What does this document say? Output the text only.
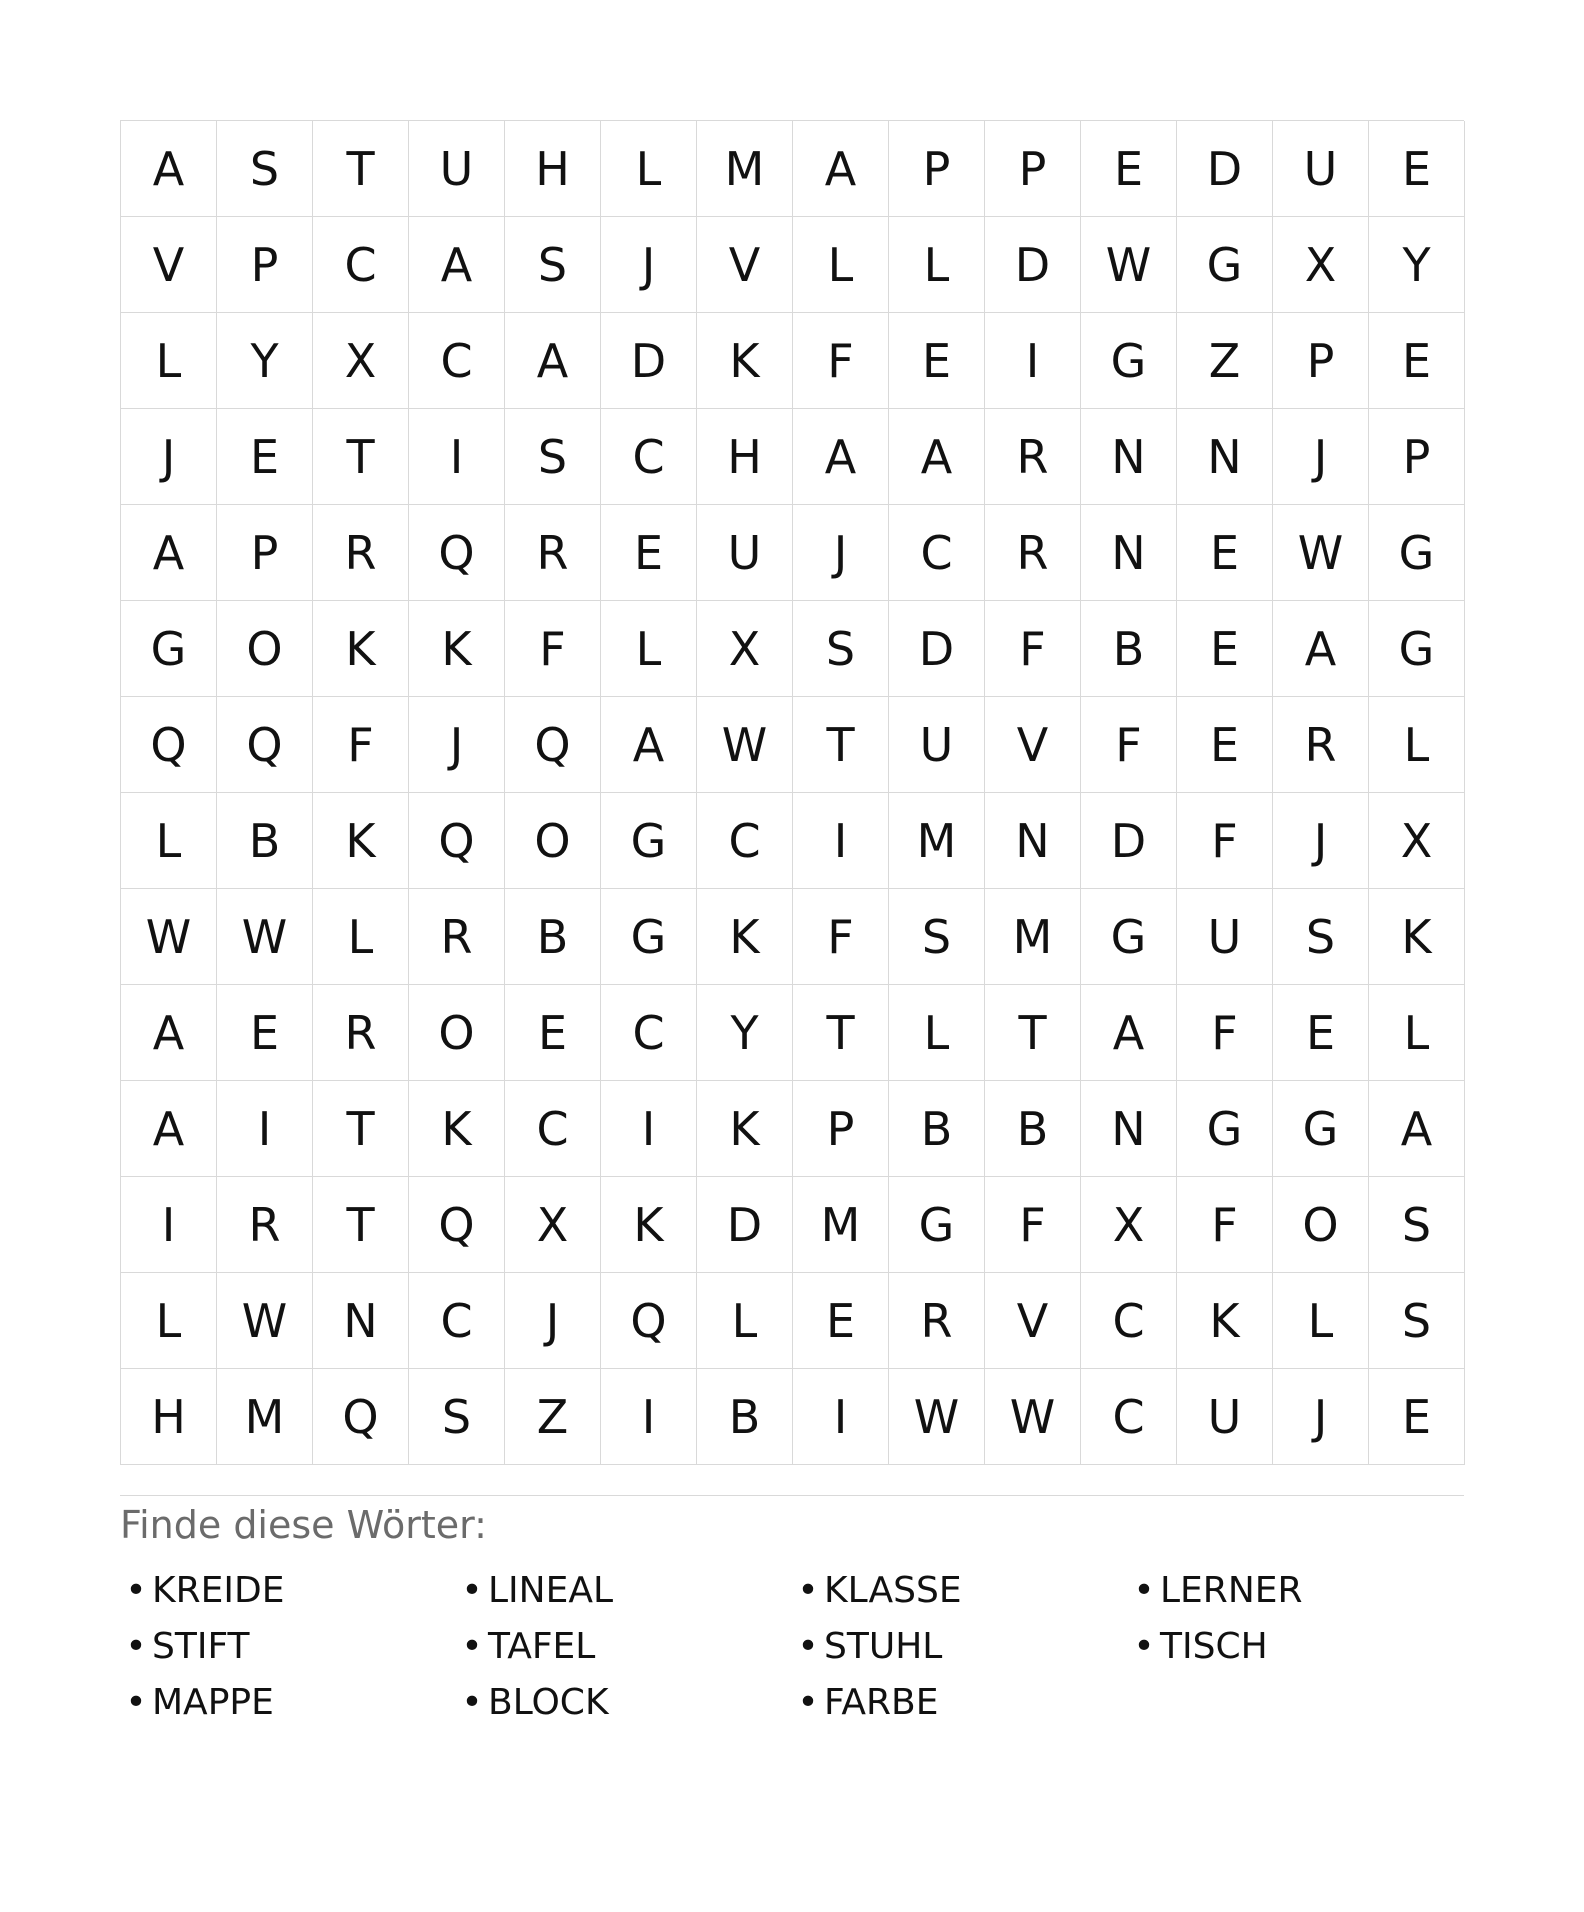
A	S	T	U	H	L	M	A	P	P	E	D	U	E
V	P	C	A	S	J	V	L	L	D	W	G	X	Y
L	Y	X	C	A	D	K	F	E	I	G	Z	P	E
J	E	T	I	S	C	H	A	A	R	N	N	J	P
A	P	R	Q	R	E	U	J	C	R	N	E	W	G
G	O	K	K	F	L	X	S	D	F	B	E	A	G
Q	Q	F	J	Q	A	W	T	U	V	F	E	R	L
L	B	K	Q	O	G	C	I	M	N	D	F	J	X
W	W	L	R	B	G	K	F	S	M	G	U	S	K
A	E	R	O	E	C	Y	T	L	T	A	F	E	L
A	I	T	K	C	I	K	P	B	B	N	G	G	A
I	R	T	Q	X	K	D	M	G	F	X	F	O	S
L	W	N	C	J	Q	L	E	R	V	C	K	L	S
H	M	Q	S	Z	I	B	I	W	W	C	U	J	E
Finde diese Wörter:
• KREIDE	• LINEAL	• KLASSE	• LERNER
• STIFT	• TAFEL	• STUHL	• TISCH
• MAPPE	• BLOCK	• FARBE
